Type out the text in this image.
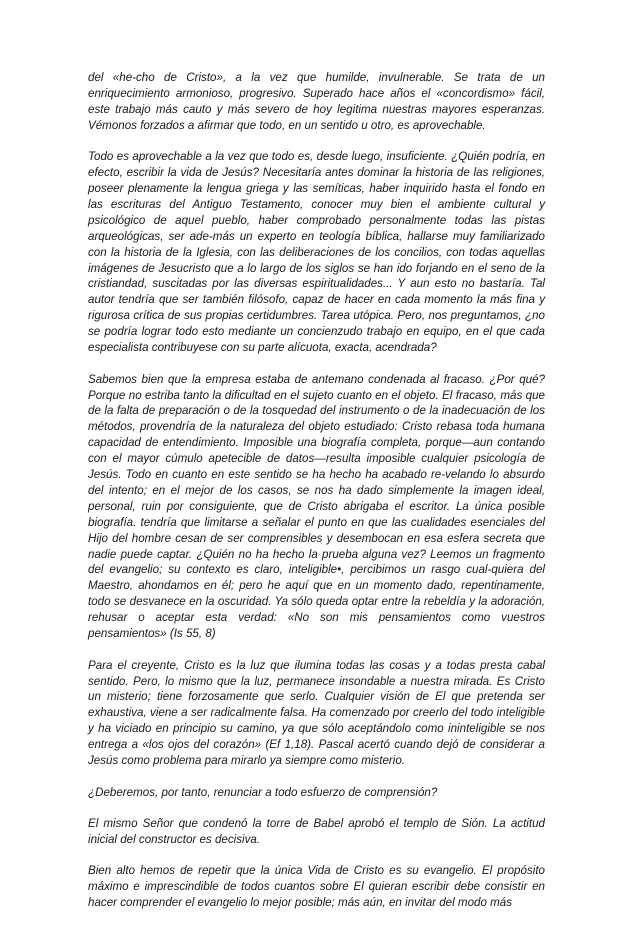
del «he-cho de Cristo», a la vez que humilde, invulnerable. Se trata de un enriquecimiento armonioso, progresivo. Superado hace años el «concordismo» fácil, este trabajo más cauto y más severo de hoy legitima nuestras mayores esperanzas. Vémonos forzados a afirmar que todo, en un sentido u otro, es aprovechable.

Todo es aprovechable a la vez que todo es, desde luego, insuficiente. ¿Quién podría, en efecto, escribir la vida de Jesús? Necesitaría antes dominar la historia de las religiones, poseer plenamente la lengua griega y las semíticas, haber inquirido hasta el fondo en las escrituras del Antiguo Testamento, conocer muy bien el ambiente cultural y psicológico de aquel pueblo, haber comprobado personalmente todas las pistas arqueológicas, ser ade-más un experto en teología bíblica, hallarse muy familiarizado con la historia de la Iglesia, con las deliberaciones de los concilios, con todas aquellas imágenes de Jesucristo que a lo largo de los siglos se han ido forjando en el seno de la cristiandad, suscitadas por las diversas espiritualidades... Y aun esto no bastaría. Tal autor tendría que ser también filósofo, capaz de hacer en cada momento la más fina y rigurosa crítica de sus propias certidumbres. Tarea utópica. Pero, nos preguntamos, ¿no se podría lograr todo esto mediante un concienzudo trabajo en equipo, en el que cada especialista contribuyese con su parte alícuota, exacta, acendrada?

Sabemos bien que la empresa estaba de antemano condenada al fracaso. ¿Por qué? Porque no estriba tanto la dificultad en el sujeto cuanto en el objeto. El fracaso, más que de la falta de preparación o de la tosquedad del instrumento o de la inadecuación de los métodos, provendría de la naturaleza del objeto estudiado: Cristo rebasa toda humana capacidad de entendimiento. Imposible una biografía completa, porque—aun contando con el mayor cúmulo apetecible de datos—resulta imposible cualquier psicología de Jesús. Todo en cuanto en este sentido se ha hecho ha acabado re-velando lo absurdo del intento; en el mejor de los casos, se nos ha dado simplemente la imagen ideal, personal, ruin por consiguiente, que de Cristo abrigaba el escritor. La única posible biografía. tendría que limitarse a señalar el punto en que las cualidades esenciales del Hijo del hombre cesan de ser comprensibles y desembocan en esa esfera secreta que nadie puede captar. ¿Quién no ha hecho la prueba alguna vez? Leemos un fragmento del evangelio; su contexto es claro, inteligible•, percibimos un rasgo cual-quiera del Maestro, ahondamos en él; pero he aquí que en un momento dado, repentinamente, todo se desvanece en la oscuridad. Ya sólo queda optar entre la rebeldía y la adoración, rehusar o aceptar esta verdad: «No son mis pensamientos como vuestros pensamientos» (Is 55, 8)

Para el creyente, Cristo es la luz que ilumina todas las cosas y a todas presta cabal sentido. Pero, lo mismo que la luz, permanece insondable a nuestra mirada. Es Cristo un misterio; tiene forzosamente que serlo. Cualquier visión de El que pretenda ser exhaustiva, viene a ser radicalmente falsa. Ha comenzado por creerlo del todo inteligible y ha viciado en principio su camino, ya que sólo aceptándolo como ininteligible se nos entrega a «los ojos del corazón» (Ef 1,18). Pascal acertó cuando dejó de considerar a Jesús como problema para mirarlo ya siempre como misterio.

¿Deberemos, por tanto, renunciar a todo esfuerzo de comprensión?

El mismo Señor que condenó la torre de Babel aprobó el templo de Sión. La actitud inicial del constructor es decisiva.

Bien alto hemos de repetir que la única Vida de Cristo es su evangelio. El propósito máximo e imprescindible de todos cuantos sobre El quieran escribir debe consistir en hacer comprender el evangelio lo mejor posible; más aún, en invitar del modo más
